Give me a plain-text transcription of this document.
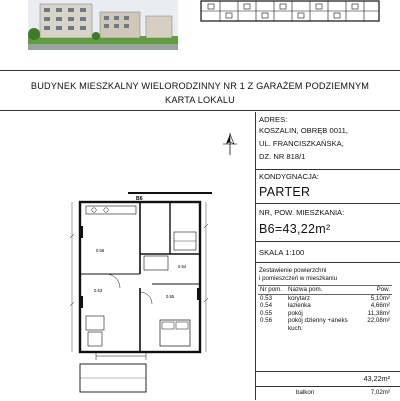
BUDYNEK MIESZKALNY WIELORODZINNY NR 1 Z GARAŻEM PODZIEMNYM
KARTA LOKALU
B6
0.53
0.54
0.55
0.56
ADRES:
KOSZALIN, OBRĘB 0011,
UL. FRANCISZKAŃSKA,
DZ. NR 818/1
KONDYGNACJA:
PARTER
NR, POW. MIESZKANIA:
B6=43,22m²
SKALA 1:100
Zestawienie powierzchni
i pomieszczeń w mieszkaniu
Nr pom.	Nazwa pom.	Pow.
0.53	korytarz	5,10m²
0.54	łazienka	4,66m²
0.55	pokój	11,38m²
0.56	pokój dzienny +aneks kuch.	22,08m²
43,22m²
balkon	7,02m²
